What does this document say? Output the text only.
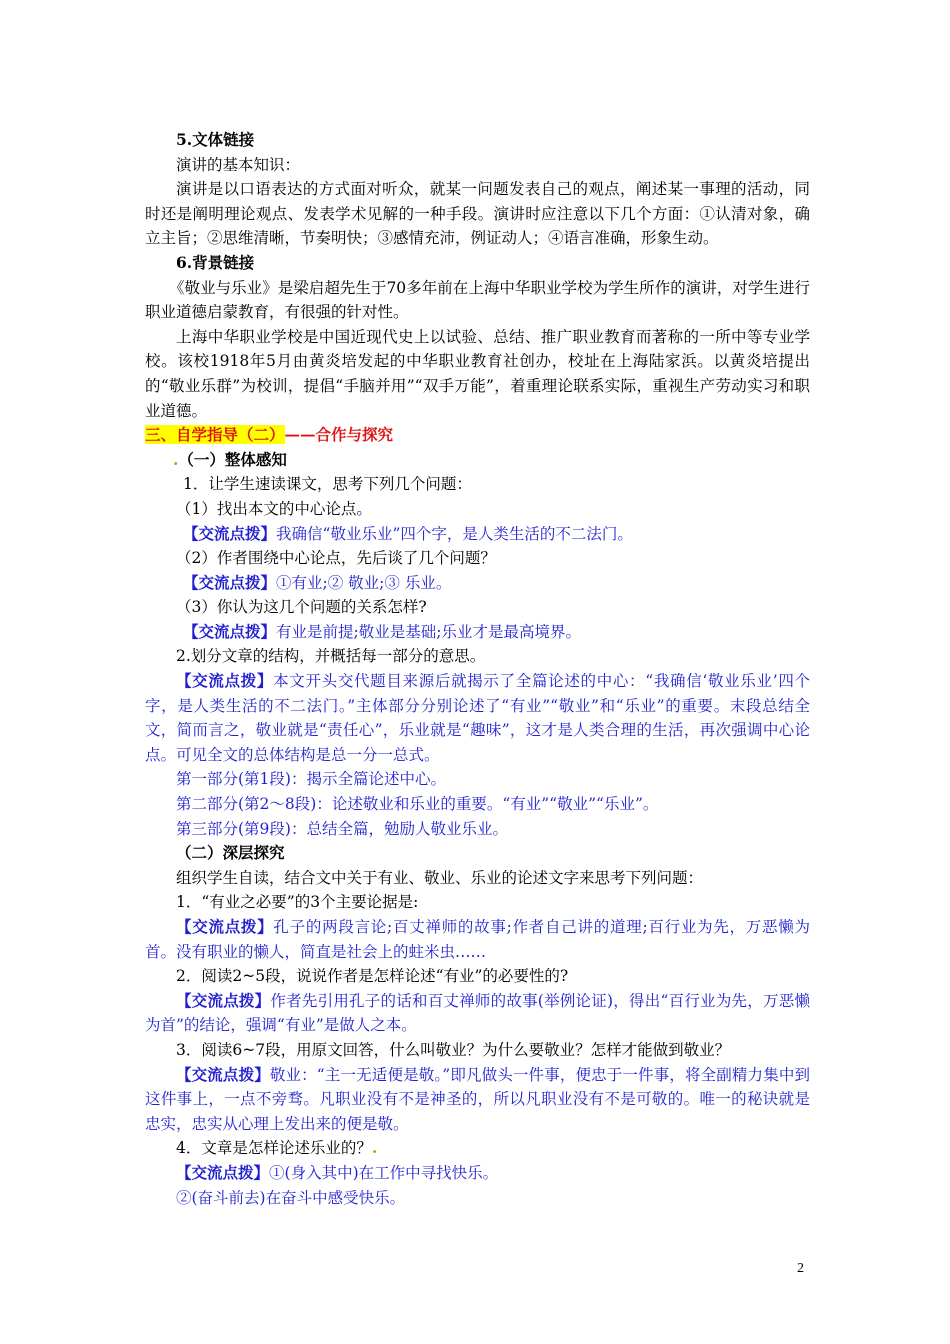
5.文体链接

演讲的基本知识：

演讲是以口语表达的方式面对听众，就某一问题发表自己的观点，阐述某一事理的活动，同时还是阐明理论观点、发表学术见解的一种手段。演讲时应注意以下几个方面：①认清对象，确立主旨；②思维清晰，节奏明快；③感情充沛，例证动人；④语言准确，形象生动。

6.背景链接

《敬业与乐业》是梁启超先生于70多年前在上海中华职业学校为学生所作的演讲，对学生进行职业道德启蒙教育，有很强的针对性。

上海中华职业学校是中国近现代史上以试验、总结、推广职业教育而著称的一所中等专业学校。该校1918年5月由黄炎培发起的中华职业教育社创办，校址在上海陆家浜。以黄炎培提出的“敬业乐群”为校训，提倡“手脑并用”“双手万能”，着重理论联系实际，重视生产劳动实习和职业道德。

三、自学指导（二）——合作与探究

.（一）整体感知

1．让学生速读课文，思考下列几个问题：

（1）找出本文的中心论点。

【交流点拨】我确信“敬业乐业”四个字，是人类生活的不二法门。

（2）作者围绕中心论点，先后谈了几个问题？

【交流点拨】①有业;② 敬业;③ 乐业。

（3）你认为这几个问题的关系怎样?

【交流点拨】有业是前提;敬业是基础;乐业才是最高境界。

2.划分文章的结构，并概括每一部分的意思。

【交流点拨】本文开头交代题目来源后就揭示了全篇论述的中心：“我确信‘敬业乐业’四个字，是人类生活的不二法门。”主体部分分别论述了“有业”“敬业”和“乐业”的重要。末段总结全文，简而言之，敬业就是“责任心”，乐业就是“趣味”，这才是人类合理的生活，再次强调中心论点。可见全文的总体结构是总一分一总式。

第一部分(第1段)：揭示全篇论述中心。

第二部分(第2～8段)：论述敬业和乐业的重要。“有业”“敬业”“乐业”。

第三部分(第9段)：总结全篇，勉励人敬业乐业。

（二）深层探究

组织学生自读，结合文中关于有业、敬业、乐业的论述文字来思考下列问题：

1．“有业之必要”的3个主要论据是:

【交流点拨】孔子的两段言论;百丈禅师的故事;作者自己讲的道理;百行业为先，万恶懒为首。没有职业的懒人，简直是社会上的蛀米虫……

2．阅读2~5段，说说作者是怎样论述“有业”的必要性的?

【交流点拨】作者先引用孔子的话和百丈禅师的故事(举例论证)，得出“百行业为先，万恶懒为首”的结论，强调“有业”是做人之本。

3．阅读6~7段，用原文回答，什么叫敬业？为什么要敬业？怎样才能做到敬业？

【交流点拨】敬业：“主一无适便是敬。”即凡做头一件事，便忠于一件事，将全副精力集中到这件事上，一点不旁骛。凡职业没有不是神圣的，所以凡职业没有不是可敬的。唯一的秘诀就是忠实，忠实从心理上发出来的便是敬。

4．文章是怎样论述乐业的？.

【交流点拨】①(身入其中)在工作中寻找快乐。

②(奋斗前去)在奋斗中感受快乐。

2
